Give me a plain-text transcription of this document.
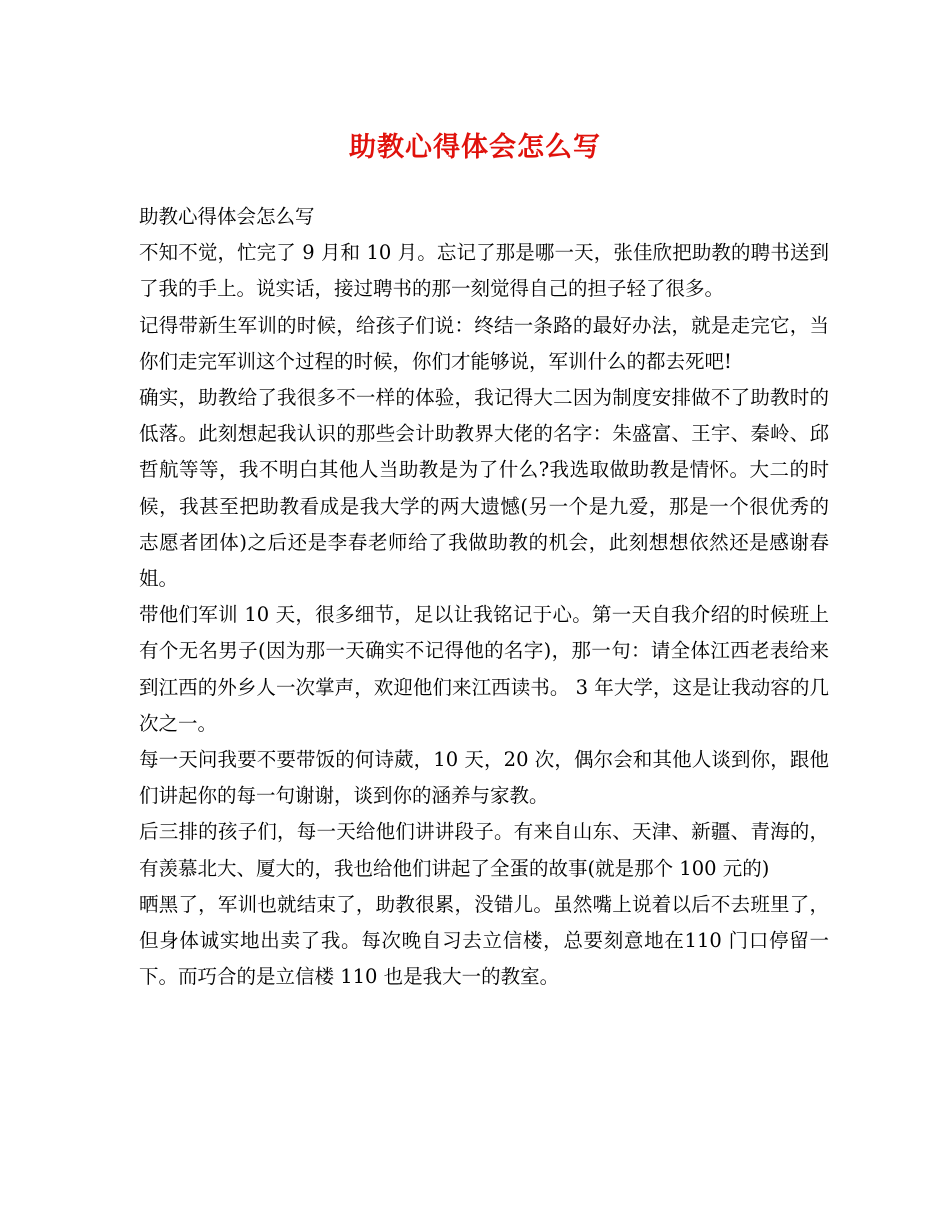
助教心得体会怎么写

助教心得体会怎么写

不知不觉，忙完了 9 月和 10 月。忘记了那是哪一天，张佳欣把助教的聘书送到了我的手上。说实话，接过聘书的那一刻觉得自己的担子轻了很多。

记得带新生军训的时候，给孩子们说：终结一条路的最好办法，就是走完它，当你们走完军训这个过程的时候，你们才能够说，军训什么的都去死吧!

确实，助教给了我很多不一样的体验，我记得大二因为制度安排做不了助教时的低落。此刻想起我认识的那些会计助教界大佬的名字：朱盛富、王宇、秦岭、邱哲航等等，我不明白其他人当助教是为了什么?我选取做助教是情怀。大二的时候，我甚至把助教看成是我大学的两大遗憾(另一个是九爱，那是一个很优秀的志愿者团体)之后还是李春老师给了我做助教的机会，此刻想想依然还是感谢春姐。

带他们军训 10 天，很多细节，足以让我铭记于心。第一天自我介绍的时候班上有个无名男子(因为那一天确实不记得他的名字)，那一句：请全体江西老表给来到江西的外乡人一次掌声，欢迎他们来江西读书。 3 年大学，这是让我动容的几次之一。

每一天问我要不要带饭的何诗葳，10 天，20 次，偶尔会和其他人谈到你，跟他们讲起你的每一句谢谢，谈到你的涵养与家教。

后三排的孩子们，每一天给他们讲讲段子。有来自山东、天津、新疆、青海的，有羡慕北大、厦大的，我也给他们讲起了全蛋的故事(就是那个 100 元的)

晒黑了，军训也就结束了，助教很累，没错儿。虽然嘴上说着以后不去班里了，但身体诚实地出卖了我。每次晚自习去立信楼，总要刻意地在110 门口停留一下。而巧合的是立信楼 110 也是我大一的教室。
